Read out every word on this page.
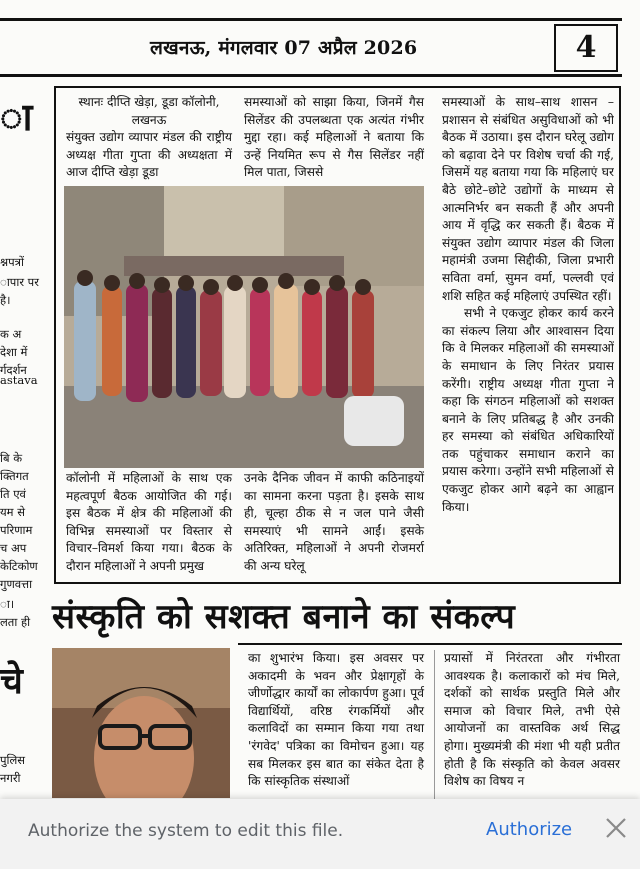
लखनऊ, मंगलवार 07 अप्रैल 2026	4
ा
श्नपत्रों
ापार पर
है।
क अ
देशा में
र्गदर्शन
astava
बि के
क्तिगत
ति एवं
यम से
परिणाम
च अप
केटिकोण
गुणवत्ता
ा।
लता ही
पुलिस
नगरी
चे

स्थानः दीप्ति खेड़ा, डूडा कॉलोनी, लखनऊ

संयुक्त उद्योग व्यापार मंडल की राष्ट्रीय अध्यक्ष गीता गुप्ता की अध्यक्षता में आज दीप्ति खेड़ा डूडा

समस्याओं को साझा किया, जिनमें गैस सिलेंडर की उपलब्धता एक अत्यंत गंभीर मुद्दा रहा। कई महिलाओं ने बताया कि उन्हें नियमित रूप से गैस सिलेंडर नहीं मिल पाता, जिससे

समस्याओं के साथ–साथ शासन –प्रशासन से संबंधित असुविधाओं को भी बैठक में उठाया। इस दौरान घरेलू उद्योग को बढ़ावा देने पर विशेष चर्चा की गई, जिसमें यह बताया गया कि महिलाएं घर बैठे छोटे–छोटे उद्योगों के माध्यम से आत्मनिर्भर बन सकती हैं और अपनी आय में वृद्धि कर सकती हैं। बैठक में संयुक्त उद्योग व्यापार मंडल की जिला महामंत्री उजमा सिद्दीकी, जिला प्रभारी सविता वर्मा, सुमन वर्मा, पल्लवी एवं शशि सहित कई महिलाएं उपस्थित रहीं।

सभी ने एकजुट होकर कार्य करने का संकल्प लिया और आश्वासन दिया कि वे मिलकर महिलाओं की समस्याओं के समाधान के लिए निरंतर प्रयास करेंगी। राष्ट्रीय अध्यक्ष गीता गुप्ता ने कहा कि संगठन महिलाओं को सशक्त बनाने के लिए प्रतिबद्ध है और उनकी हर समस्या को संबंधित अधिकारियों तक पहुंचाकर समाधान कराने का प्रयास करेगा। उन्होंने सभी महिलाओं से एकजुट होकर आगे बढ़ने का आह्वान किया।

कॉलोनी में महिलाओं के साथ एक महत्वपूर्ण बैठक आयोजित की गई। इस बैठक में क्षेत्र की महिलाओं की विभिन्न समस्याओं पर विस्तार से विचार–विमर्श किया गया। बैठक के दौरान महिलाओं ने अपनी प्रमुख

उनके दैनिक जीवन में काफी कठिनाइयों का सामना करना पड़ता है। इसके साथ ही, चूल्हा ठीक से न जल पाने जैसी समस्याएं भी सामने आईं। इसके अतिरिक्त, महिलाओं ने अपनी रोजमर्रा की अन्य घरेलू

संस्कृति को सशक्त बनाने का संकल्प
का शुभारंभ किया। इस अवसर पर अकादमी के भवन और प्रेक्षागृहों के जीर्णोद्धार कार्यों का लोकार्पण हुआ। पूर्व विद्यार्थियों, वरिष्ठ रंगकर्मियों और कलाविदों का सम्मान किया गया तथा 'रंगवेद' पत्रिका का विमोचन हुआ। यह सब मिलकर इस बात का संकेत देता है कि सांस्कृतिक संस्थाओं
प्रयासों में निरंतरता और गंभीरता आवश्यक है। कलाकारों को मंच मिले, दर्शकों को सार्थक प्रस्तुति मिले और समाज को विचार मिले, तभी ऐसे आयोजनों का वास्तविक अर्थ सिद्ध होगा। मुख्यमंत्री की मंशा भी यही प्रतीत होती है कि संस्कृति को केवल अवसर विशेष का विषय न
Authorize the system to edit this file.	Authorize
